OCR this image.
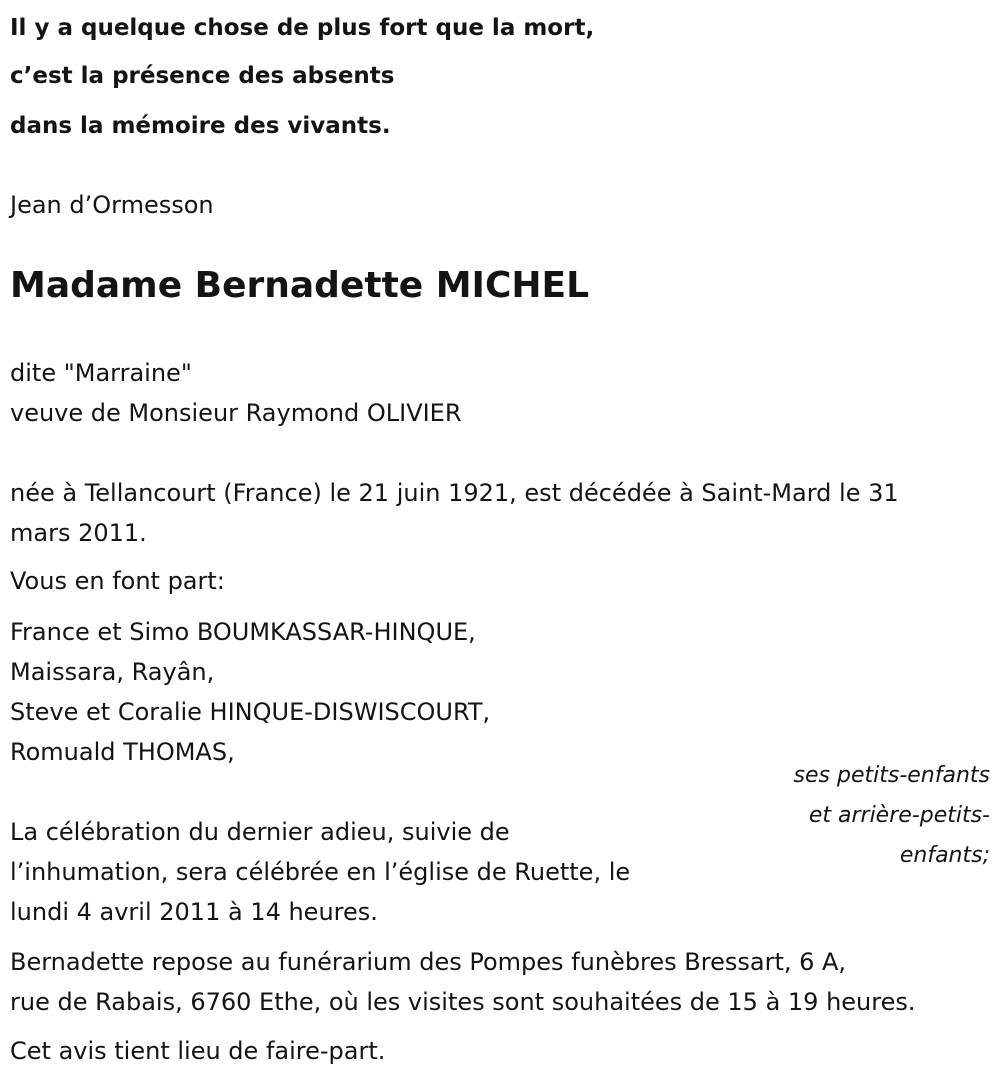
Il y a quelque chose de plus fort que la mort,

c’est la présence des absents

dans la mémoire des vivants.

Jean d’Ormesson

Madame Bernadette MICHEL

dite "Marraine"

veuve de Monsieur Raymond OLIVIER

née à Tellancourt (France) le 21 juin 1921, est décédée à Saint-Mard le 31

mars 2011.

Vous en font part:

France et Simo BOUMKASSAR-HINQUE,

Maissara, Rayân,

Steve et Coralie HINQUE-DISWISCOURT,

Romuald THOMAS,

ses petits-enfants
et arrière-petits-
enfants;

La célébration du dernier adieu, suivie de

l’inhumation, sera célébrée en l’église de Ruette, le

lundi 4 avril 2011 à 14 heures.

Bernadette repose au funérarium des Pompes funèbres Bressart, 6 A,

rue de Rabais, 6760 Ethe, où les visites sont souhaitées de 15 à 19 heures.

Cet avis tient lieu de faire-part.
